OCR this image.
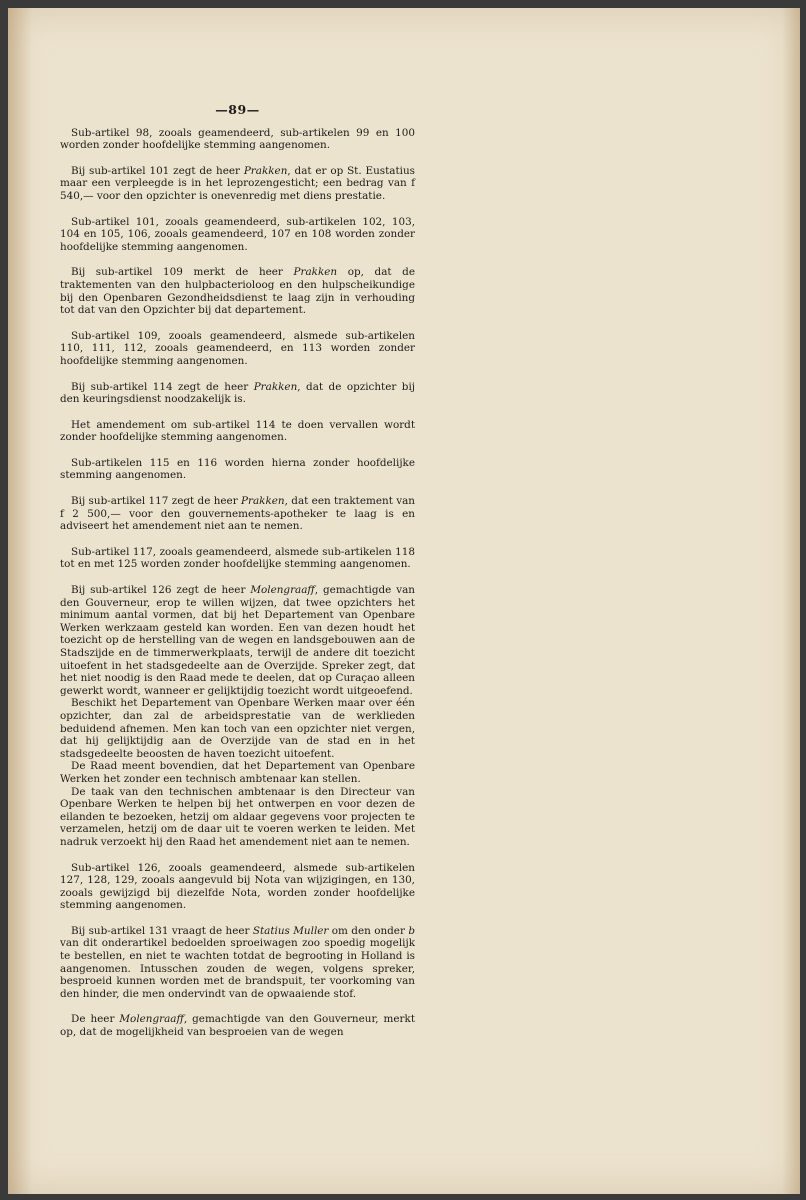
—89—

Sub-artikel 98, zooals geamendeerd, sub-artikelen 99 en 100 worden zonder hoofdelijke stemming aangenomen.

Bij sub-artikel 101 zegt de heer Prakken, dat er op St. Eustatius maar een verpleegde is in het leprozengesticht; een bedrag van f 540,— voor den opzichter is onevenredig met diens prestatie.

Sub-artikel 101, zooals geamendeerd, sub-artikelen 102, 103, 104 en 105, 106, zooals geamendeerd, 107 en 108 worden zonder hoofdelijke stemming aangenomen.

Bij sub-artikel 109 merkt de heer Prakken op, dat de traktementen van den hulpbacterioloog en den hulpscheikundige bij den Openbaren Gezondheidsdienst te laag zijn in verhouding tot dat van den Opzichter bij dat departement.

Sub-artikel 109, zooals geamendeerd, alsmede sub-artikelen 110, 111, 112, zooals geamendeerd, en 113 worden zonder hoofdelijke stemming aangenomen.

Bij sub-artikel 114 zegt de heer Prakken, dat de opzichter bij den keuringsdienst noodzakelijk is.

Het amendement om sub-artikel 114 te doen vervallen wordt zonder hoofdelijke stemming aangenomen.

Sub-artikelen 115 en 116 worden hierna zonder hoofdelijke stemming aangenomen.

Bij sub-artikel 117 zegt de heer Prakken, dat een traktement van f 2 500,— voor den gouvernements-apotheker te laag is en adviseert het amendement niet aan te nemen.

Sub-artikel 117, zooals geamendeerd, alsmede sub-artikelen 118 tot en met 125 worden zonder hoofdelijke stemming aangenomen.

Bij sub-artikel 126 zegt de heer Molengraaff, gemachtigde van den Gouverneur, erop te willen wijzen, dat twee opzichters het minimum aantal vormen, dat bij het Departement van Openbare Werken werkzaam gesteld kan worden. Een van dezen houdt het toezicht op de herstelling van de wegen en landsgebouwen aan de Stadszijde en de timmerwerkplaats, terwijl de andere dit toezicht uitoefent in het stadsgedeelte aan de Overzijde. Spreker zegt, dat het niet noodig is den Raad mede te deelen, dat op Curaçao alleen gewerkt wordt, wanneer er gelijktijdig toezicht wordt uitgeoefend.

Beschikt het Departement van Openbare Werken maar over één opzichter, dan zal de arbeidsprestatie van de werklieden beduidend afnemen. Men kan toch van een opzichter niet vergen, dat hij gelijktijdig aan de Overzijde van de stad en in het stadsgedeelte beoosten de haven toezicht uitoefent.

De Raad meent bovendien, dat het Departement van Openbare Werken het zonder een technisch ambtenaar kan stellen.

De taak van den technischen ambtenaar is den Directeur van Openbare Werken te helpen bij het ontwerpen en voor dezen de eilanden te bezoeken, hetzij om aldaar gegevens voor projecten te verzamelen, hetzij om de daar uit te voeren werken te leiden. Met nadruk verzoekt hij den Raad het amendement niet aan te nemen.

Sub-artikel 126, zooals geamendeerd, alsmede sub-artikelen 127, 128, 129, zooals aangevuld bij Nota van wijzigingen, en 130, zooals gewijzigd bij diezelfde Nota, worden zonder hoofdelijke stemming aangenomen.

Bij sub-artikel 131 vraagt de heer Statius Muller om den onder b van dit onderartikel bedoelden sproeiwagen zoo spoedig mogelijk te bestellen, en niet te wachten totdat de begrooting in Holland is aangenomen. Intusschen zouden de wegen, volgens spreker, besproeid kunnen worden met de brandspuit, ter voorkoming van den hinder, die men ondervindt van de opwaaiende stof.

De heer Molengraaff, gemachtigde van den Gouverneur, merkt op, dat de mogelijkheid van besproeien van de wegen
